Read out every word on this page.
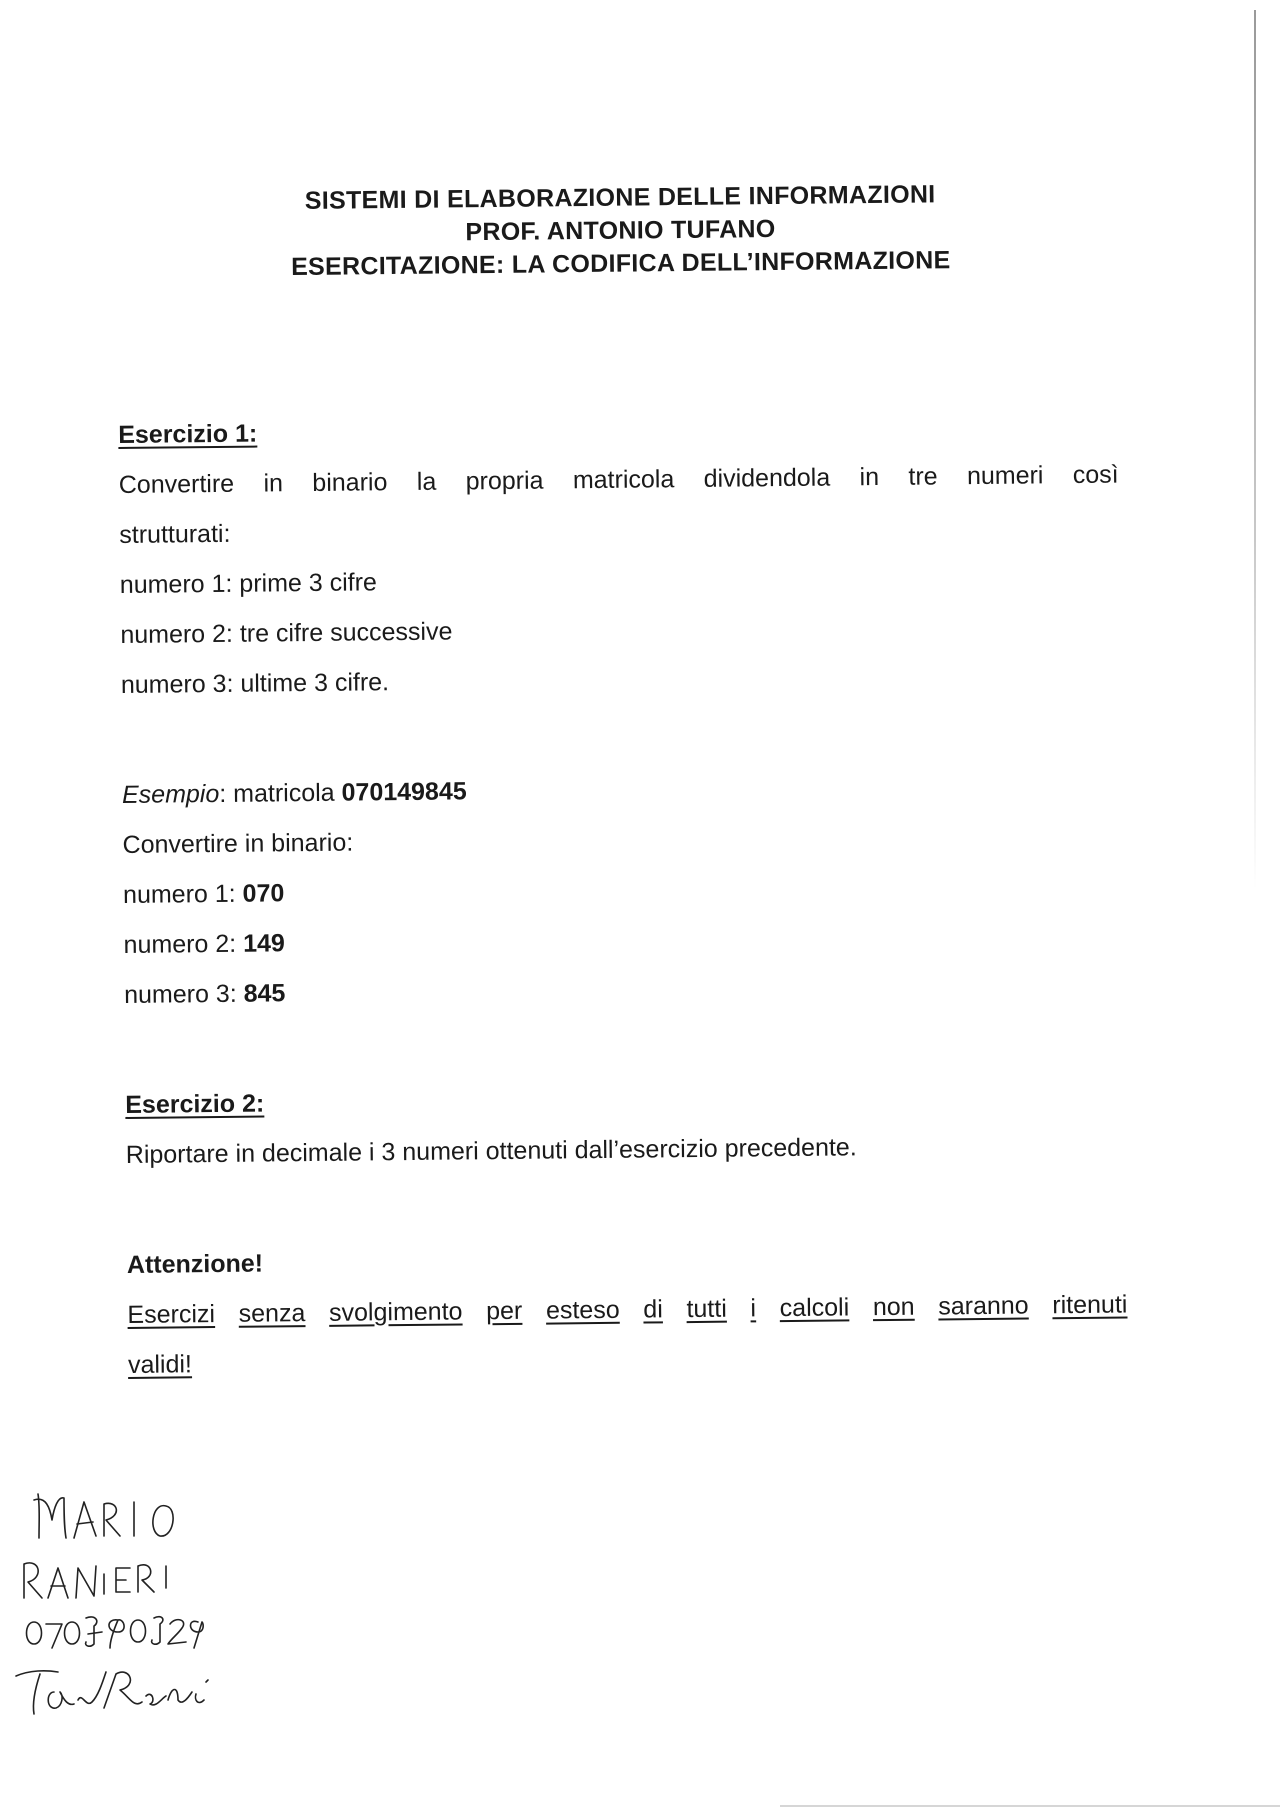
SISTEMI DI ELABORAZIONE DELLE INFORMAZIONI
PROF. ANTONIO TUFANO
ESERCITAZIONE: LA CODIFICA DELL’INFORMAZIONE
Esercizio 1:
Convertire in binario la propria matricola dividendola in tre numeri così
strutturati:
numero 1: prime 3 cifre
numero 2: tre cifre successive
numero 3: ultime 3 cifre.
Esempio: matricola 070149845
Convertire in binario:
numero 1: 070
numero 2: 149
numero 3: 845
Esercizio 2:
Riportare in decimale i 3 numeri ottenuti dall’esercizio precedente.
Attenzione!
Esercizi senza svolgimento per esteso di tutti i calcoli non saranno ritenuti
validi!
